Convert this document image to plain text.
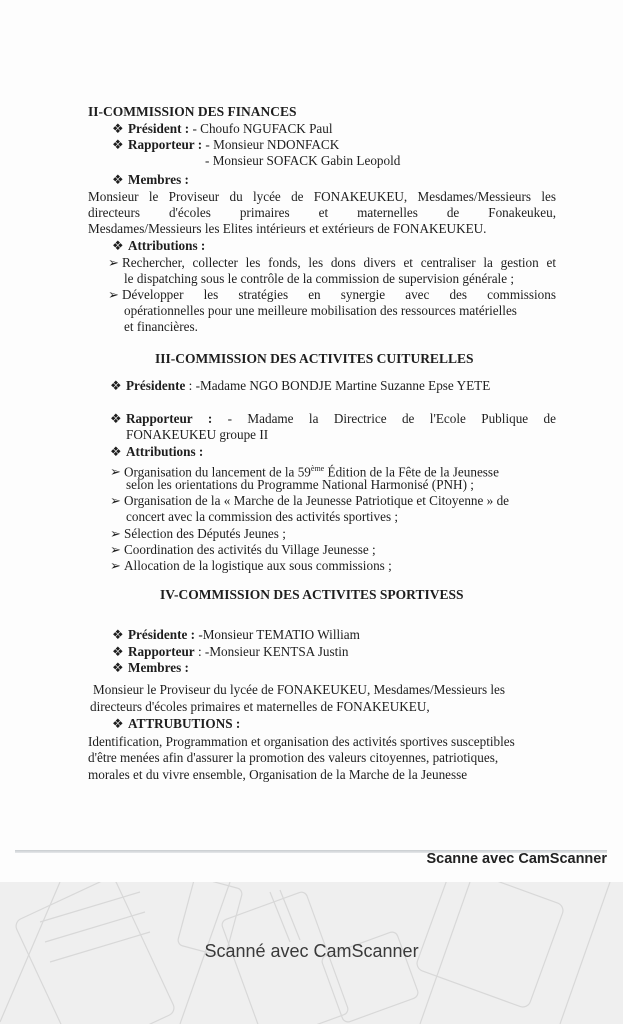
II-COMMISSION DES FINANCES
❖ Président : - Choufo NGUFACK Paul
❖ Rapporteur : - Monsieur NDONFACK
- Monsieur SOFACK Gabin Leopold
❖ Membres :
Monsieur le Proviseur du lycée de FONAKEUKEU, Mesdames/Messieurs les
directeurs d'écoles primaires et maternelles de Fonakeukeu,
Mesdames/Messieurs les Elites intérieurs et extérieurs de FONAKEUKEU.
❖ Attributions :
➢ Rechercher, collecter les fonds, les dons divers et centraliser la gestion et
le dispatching sous le contrôle de la commission de supervision générale ;
➢ Développer les stratégies en synergie avec des commissions
opérationnelles pour une meilleure mobilisation des ressources matérielles
et financières.
III-COMMISSION DES ACTIVITES CUITURELLES
❖ Présidente : -Madame NGO BONDJE Martine Suzanne Epse YETE
❖ Rapporteur : - Madame la Directrice de l'Ecole Publique de
FONAKEUKEU groupe II
❖ Attributions :
➢ Organisation du lancement de la 59ème Édition de la Fête de la Jeunesse
selon les orientations du Programme National Harmonisé (PNH) ;
➢ Organisation de la « Marche de la Jeunesse Patriotique et Citoyenne » de
concert avec la commission des activités sportives ;
➢ Sélection des Députés Jeunes ;
➢ Coordination des activités du Village Jeunesse ;
➢ Allocation de la logistique aux sous commissions ;
IV-COMMISSION DES ACTIVITES SPORTIVESS
❖ Présidente : -Monsieur TEMATIO William
❖ Rapporteur : -Monsieur KENTSA Justin
❖ Membres :
Monsieur le Proviseur du lycée de FONAKEUKEU, Mesdames/Messieurs les
directeurs d'écoles primaires et maternelles de FONAKEUKEU,
❖ ATTRUBUTIONS :
Identification, Programmation et organisation des activités sportives susceptibles
d'être menées afin d'assurer la promotion des valeurs citoyennes, patriotiques,
morales et du vivre ensemble, Organisation de la Marche de la Jeunesse
Scanne avec CamScanner
Scanné avec CamScanner
